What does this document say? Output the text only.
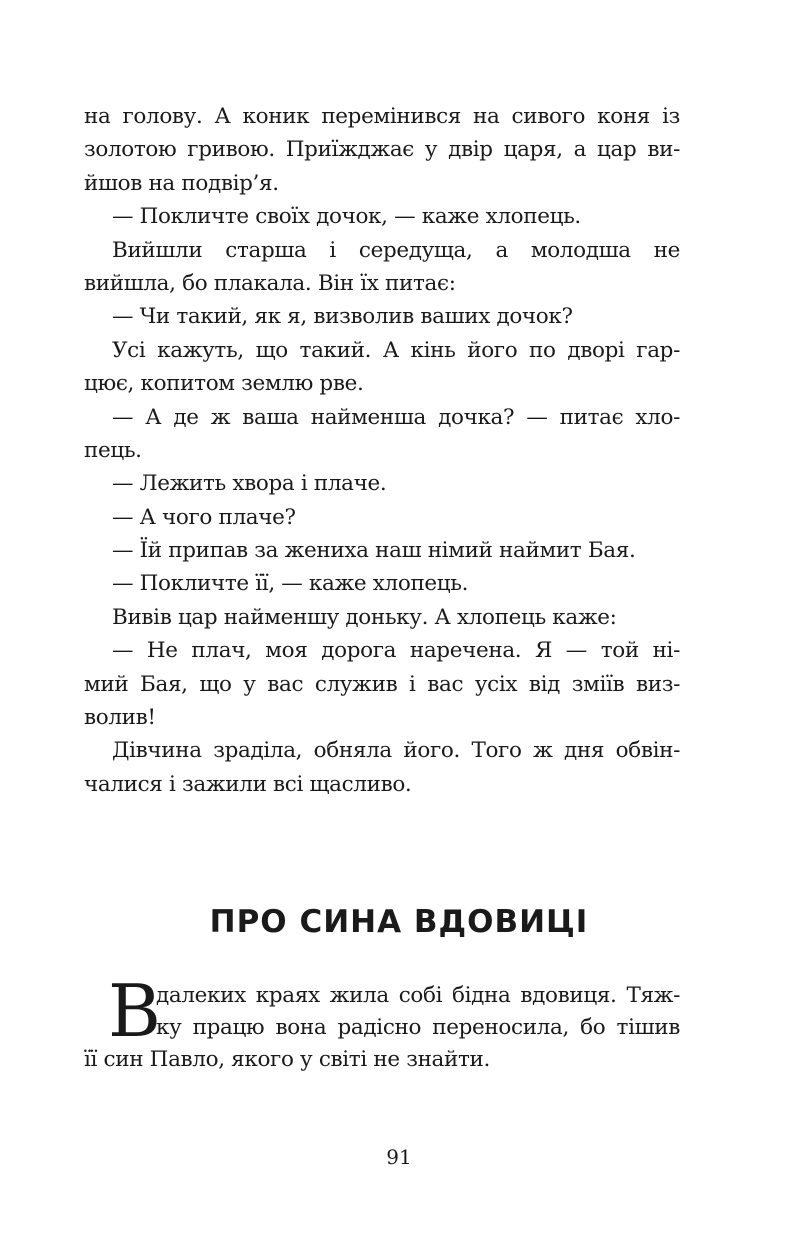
на голову. А коник перемінився на сивого коня із
золотою гривою. Приїжджає у двір царя, а цар ви-
йшов на подвір’я.
— Покличте своїх дочок, — каже хлопець.
Вийшли старша і середуща, а молодша не
вийшла, бо плакала. Він їх питає:
— Чи такий, як я, визволив ваших дочок?
Усі кажуть, що такий. А кінь його по дворі гар-
цює, копитом землю рве.
— А де ж ваша найменша дочка? — питає хло-
пець.
— Лежить хвора і плаче.
— А чого плаче?
— Їй припав за жениха наш німий наймит Бая.
— Покличте її, — каже хлопець.
Вивів цар найменшу доньку. А хлопець каже:
— Не плач, моя дорога наречена. Я — той ні-
мий Бая, що у вас служив і вас усіх від зміїв виз-
волив!
Дівчина зраділа, обняла його. Того ж дня обвін-
чалися і зажили всі щасливо.
ПРО СИНА ВДОВИЦІ
В
далеких краях жила собі бідна вдовиця. Тяж-
ку працю вона радісно переносила, бо тішив
її син Павло, якого у світі не знайти.
91
